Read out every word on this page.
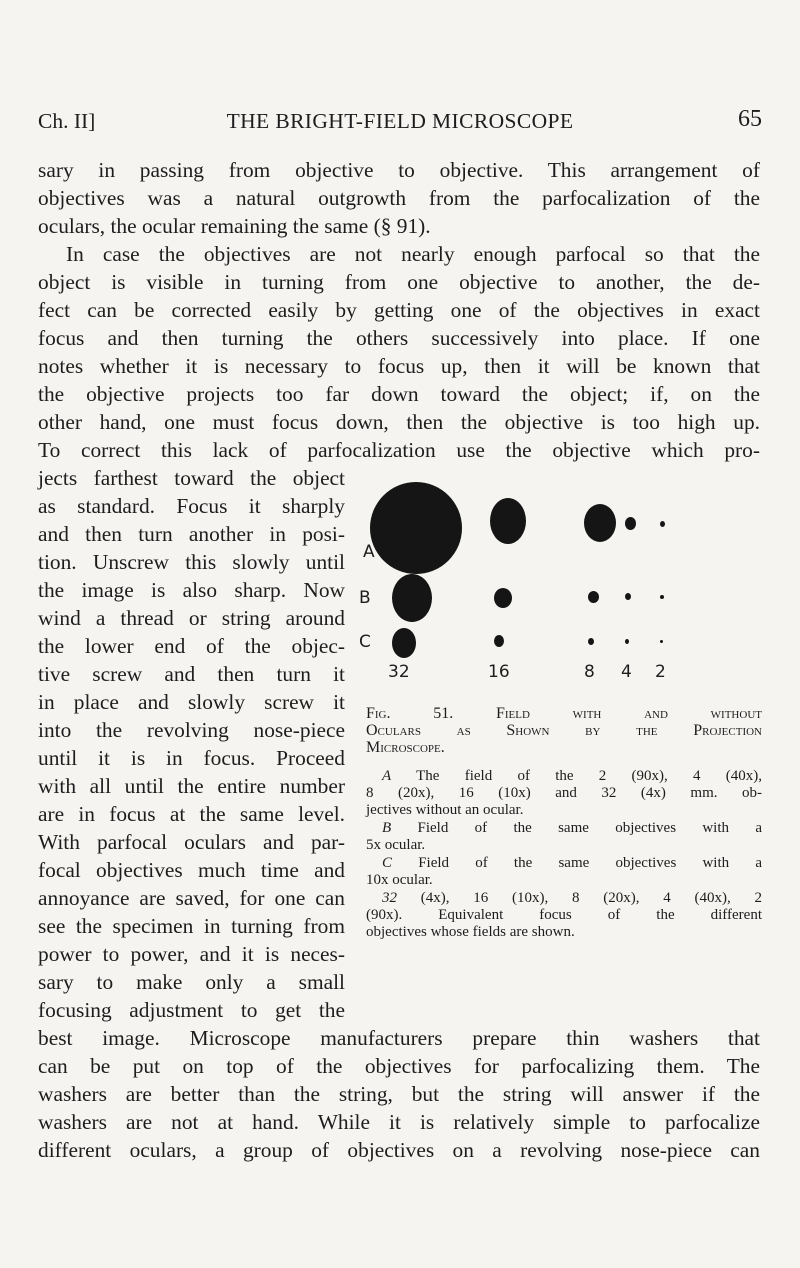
Ch. II]	THE BRIGHT-FIELD MICROSCOPE	65
sary in passing from objective to objective. This arrangement of
objectives was a natural outgrowth from the parfocalization of the
oculars, the ocular remaining the same (§ 91).
In case the objectives are not nearly enough parfocal so that the
object is visible in turning from one objective to another, the de-
fect can be corrected easily by getting one of the objectives in exact
focus and then turning the others successively into place. If one
notes whether it is necessary to focus up, then it will be known that
the objective projects too far down toward the object; if, on the
other hand, one must focus down, then the objective is too high up.
To correct this lack of parfocalization use the objective which pro-
jects farthest toward the object
as standard. Focus it sharply
and then turn another in posi-
tion. Unscrew this slowly until
the image is also sharp. Now
wind a thread or string around
the lower end of the objec-
tive screw and then turn it
in place and slowly screw it
into the revolving nose-piece
until it is in focus. Proceed
with all until the entire number
are in focus at the same level.
With parfocal oculars and par-
focal objectives much time and
annoyance are saved, for one can
see the specimen in turning from
power to power, and it is neces-
sary to make only a small
focusing adjustment to get the
best image. Microscope manufacturers prepare thin washers that
can be put on top of the objectives for parfocalizing them. The
washers are better than the string, but the string will answer if the
washers are not at hand. While it is relatively simple to parfocalize
different oculars, a group of objectives on a revolving nose-piece can
A
B
C
32	16	8 4 2
Fig. 51.	Field with and without
Oculars as Shown by the Projection
Microscope.
A The field of the 2 (90x), 4 (40x),
8 (20x), 16 (10x) and 32 (4x) mm. ob-
jectives without an ocular.
B Field of the same objectives with a
5x ocular.
C Field of the same objectives with a
10x ocular.
32 (4x), 16 (10x), 8 (20x), 4 (40x), 2
(90x). Equivalent focus of the different
objectives whose fields are shown.
